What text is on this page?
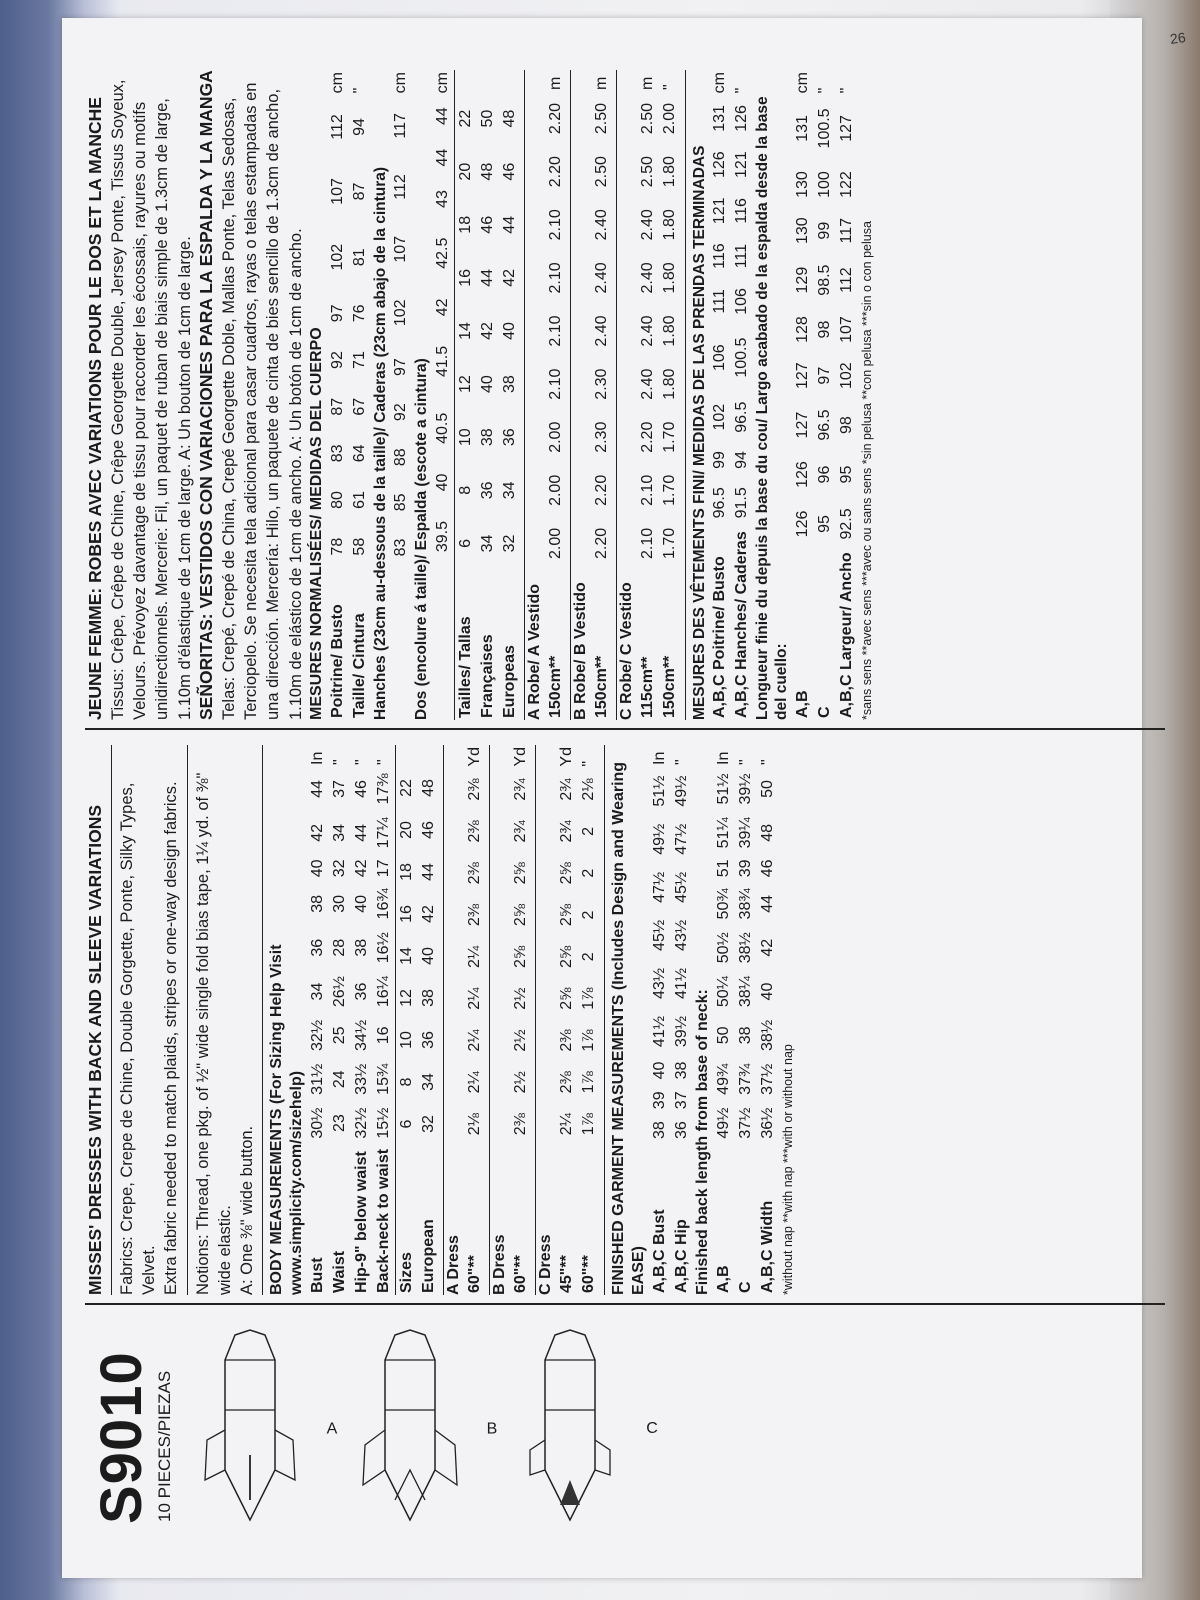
S9010 10 PIECES/PIEZAS	A	B	C
MISSES' DRESSES WITH BACK AND SLEEVE VARIATIONS Fabrics: Crepe, Crepe de Chine, Double Gorgette, Ponte, Silky Types, Velvet. Extra fabric needed to match plaids, stripes or one-way design fabrics. Notions: Thread, one pkg. of ½" wide single fold bias tape, 1¼ yd. of ⅜" wide elastic. A: One ⅜" wide button. BODY MEASUREMENTS (For Sizing Help Visit www.simplicity.com/sizehelp) Bust	30½	31½	32½	34	36	38	40	42	44	In
Waist	23	24	25	26½	28	30	32	34	37	"
Hip-9" below waist	32½	33½	34½	36	38	40	42	44	46	"
Back-neck to waist	15½	15¾	16	16¼	16½	16¾	17	17¼	17⅜	"
Sizes	6	8	10	12	14	16	18	20	22	
European	32	34	36	38	40	42	44	46	48	
A Dress 60"**	2⅛	2¼	2¼	2¼	2¼	2⅜	2⅜	2⅜	2⅜	Yd
B Dress 60"**	2⅜	2½	2½	2½	2⅝	2⅝	2⅝	2¾	2¾	Yd
C Dress 45"**	2¼	2⅜	2⅜	2⅝	2⅝	2⅝	2⅝	2¾	2¾	Yd
60"**	1⅞	1⅞	1⅞	1⅞	2	2	2	2	2⅛	" FINISHED GARMENT MEASUREMENTS (Includes Design and Wearing EASE) A,B,C Bust	38	39	40	41½	43½	45½	47½	49½	51½	In
A,B,C Hip	36	37	38	39½	41½	43½	45½	47½	49½	"
Finished back length from base of neck: A,B	49½	49¾	50	50¼	50½	50¾	51	51¼	51½	In
C	37½	37¾	38	38¼	38½	38¾	39	39¼	39½	"
A,B,C Width	36½	37½	38½	40	42	44	46	48	50	"
*without nap **with nap ***with or without nap
JEUNE FEMME: ROBES AVEC VARIATIONS POUR LE DOS ET LA MANCHE Tissus: Crêpe, Crêpe de Chine, Crêpe Georgette Double, Jersey Ponte, Tissus Soyeux, Velours. Prévoyez davantage de tissu pour raccorder les écossais, rayures ou motifs unidirectionnels. Mercerie: Fil, un paquet de ruban de biais simple de 1.3cm de large, 1.10m d'élastique de 1cm de large. A: Un bouton de 1cm de large. SEÑORITAS: VESTIDOS CON VARIACIONES PARA LA ESPALDA Y LA MANGA Telas: Crepé, Crepé de China, Crepé Georgette Doble, Mallas Ponte, Telas Sedosas, Terciopelo. Se necesita tela adicional para casar cuadros, rayas o telas estampadas en una dirección. Mercería: Hilo, un paquete de cinta de bies sencillo de 1.3cm de ancho, 1.10m de elástico de 1cm de ancho. A: Un botón de 1cm de ancho. MESURES NORMALISÉES/ MEDIDAS DEL CUERPO Poitrine/ Busto	78	80	83	87	92	97	102	107	112	cm
Taille/ Cintura	58	61	64	67	71	76	81	87	94	"
Hanches (23cm au-dessous de la taille)/ Caderas (23cm abajo de la cintura)
	83	85	88	92	97	102	107	112	117	cm
Dos (encolure á taille)/ Espalda (escote a cintura)
	39.5	40	40.5	41.5	42	42.5	43	44	44	cm
Tailles/ Tallas	6	8	10	12	14	16	18	20	22	
Françaises	34	36	38	40	42	44	46	48	50	
Europeas	32	34	36	38	40	42	44	46	48	
A Robe/ A Vestido 150cm**	2.00	2.00	2.00	2.10	2.10	2.10	2.10	2.20	2.20	m
B Robe/ B Vestido 150cm**	2.20	2.20	2.30	2.30	2.40	2.40	2.40	2.50	2.50	m
C Robe/ C Vestido 115cm**	2.10	2.10	2.20	2.40	2.40	2.40	2.40	2.50	2.50	m
150cm**	1.70	1.70	1.70	1.80	1.80	1.80	1.80	1.80	2.00	"
MESURES DES VÊTEMENTS FINI/ MEDIDAS DE LAS PRENDAS TERMINADAS A,B,C Poitrine/ Busto	96.5	99	102	106	111	116	121	126	131	cm
A,B,C Hanches/ Caderas	91.5	94	96.5	100.5	106	111	116	121	126	"
Longueur finie du depuis la base du cou/ Largo acabado de la espalda desde la base del cuello: A,B	126	126	127	127	128	129	130	130	131	cm
C	95	96	96.5	97	98	98.5	99	100	100.5	"
A,B,C Largeur/ Ancho	92.5	95	98	102	107	112	117	122	127	"
*sans sens **avec sens ***avec ou sans sens *sin pelusa **con pelusa ***sin o con pelusa
26
